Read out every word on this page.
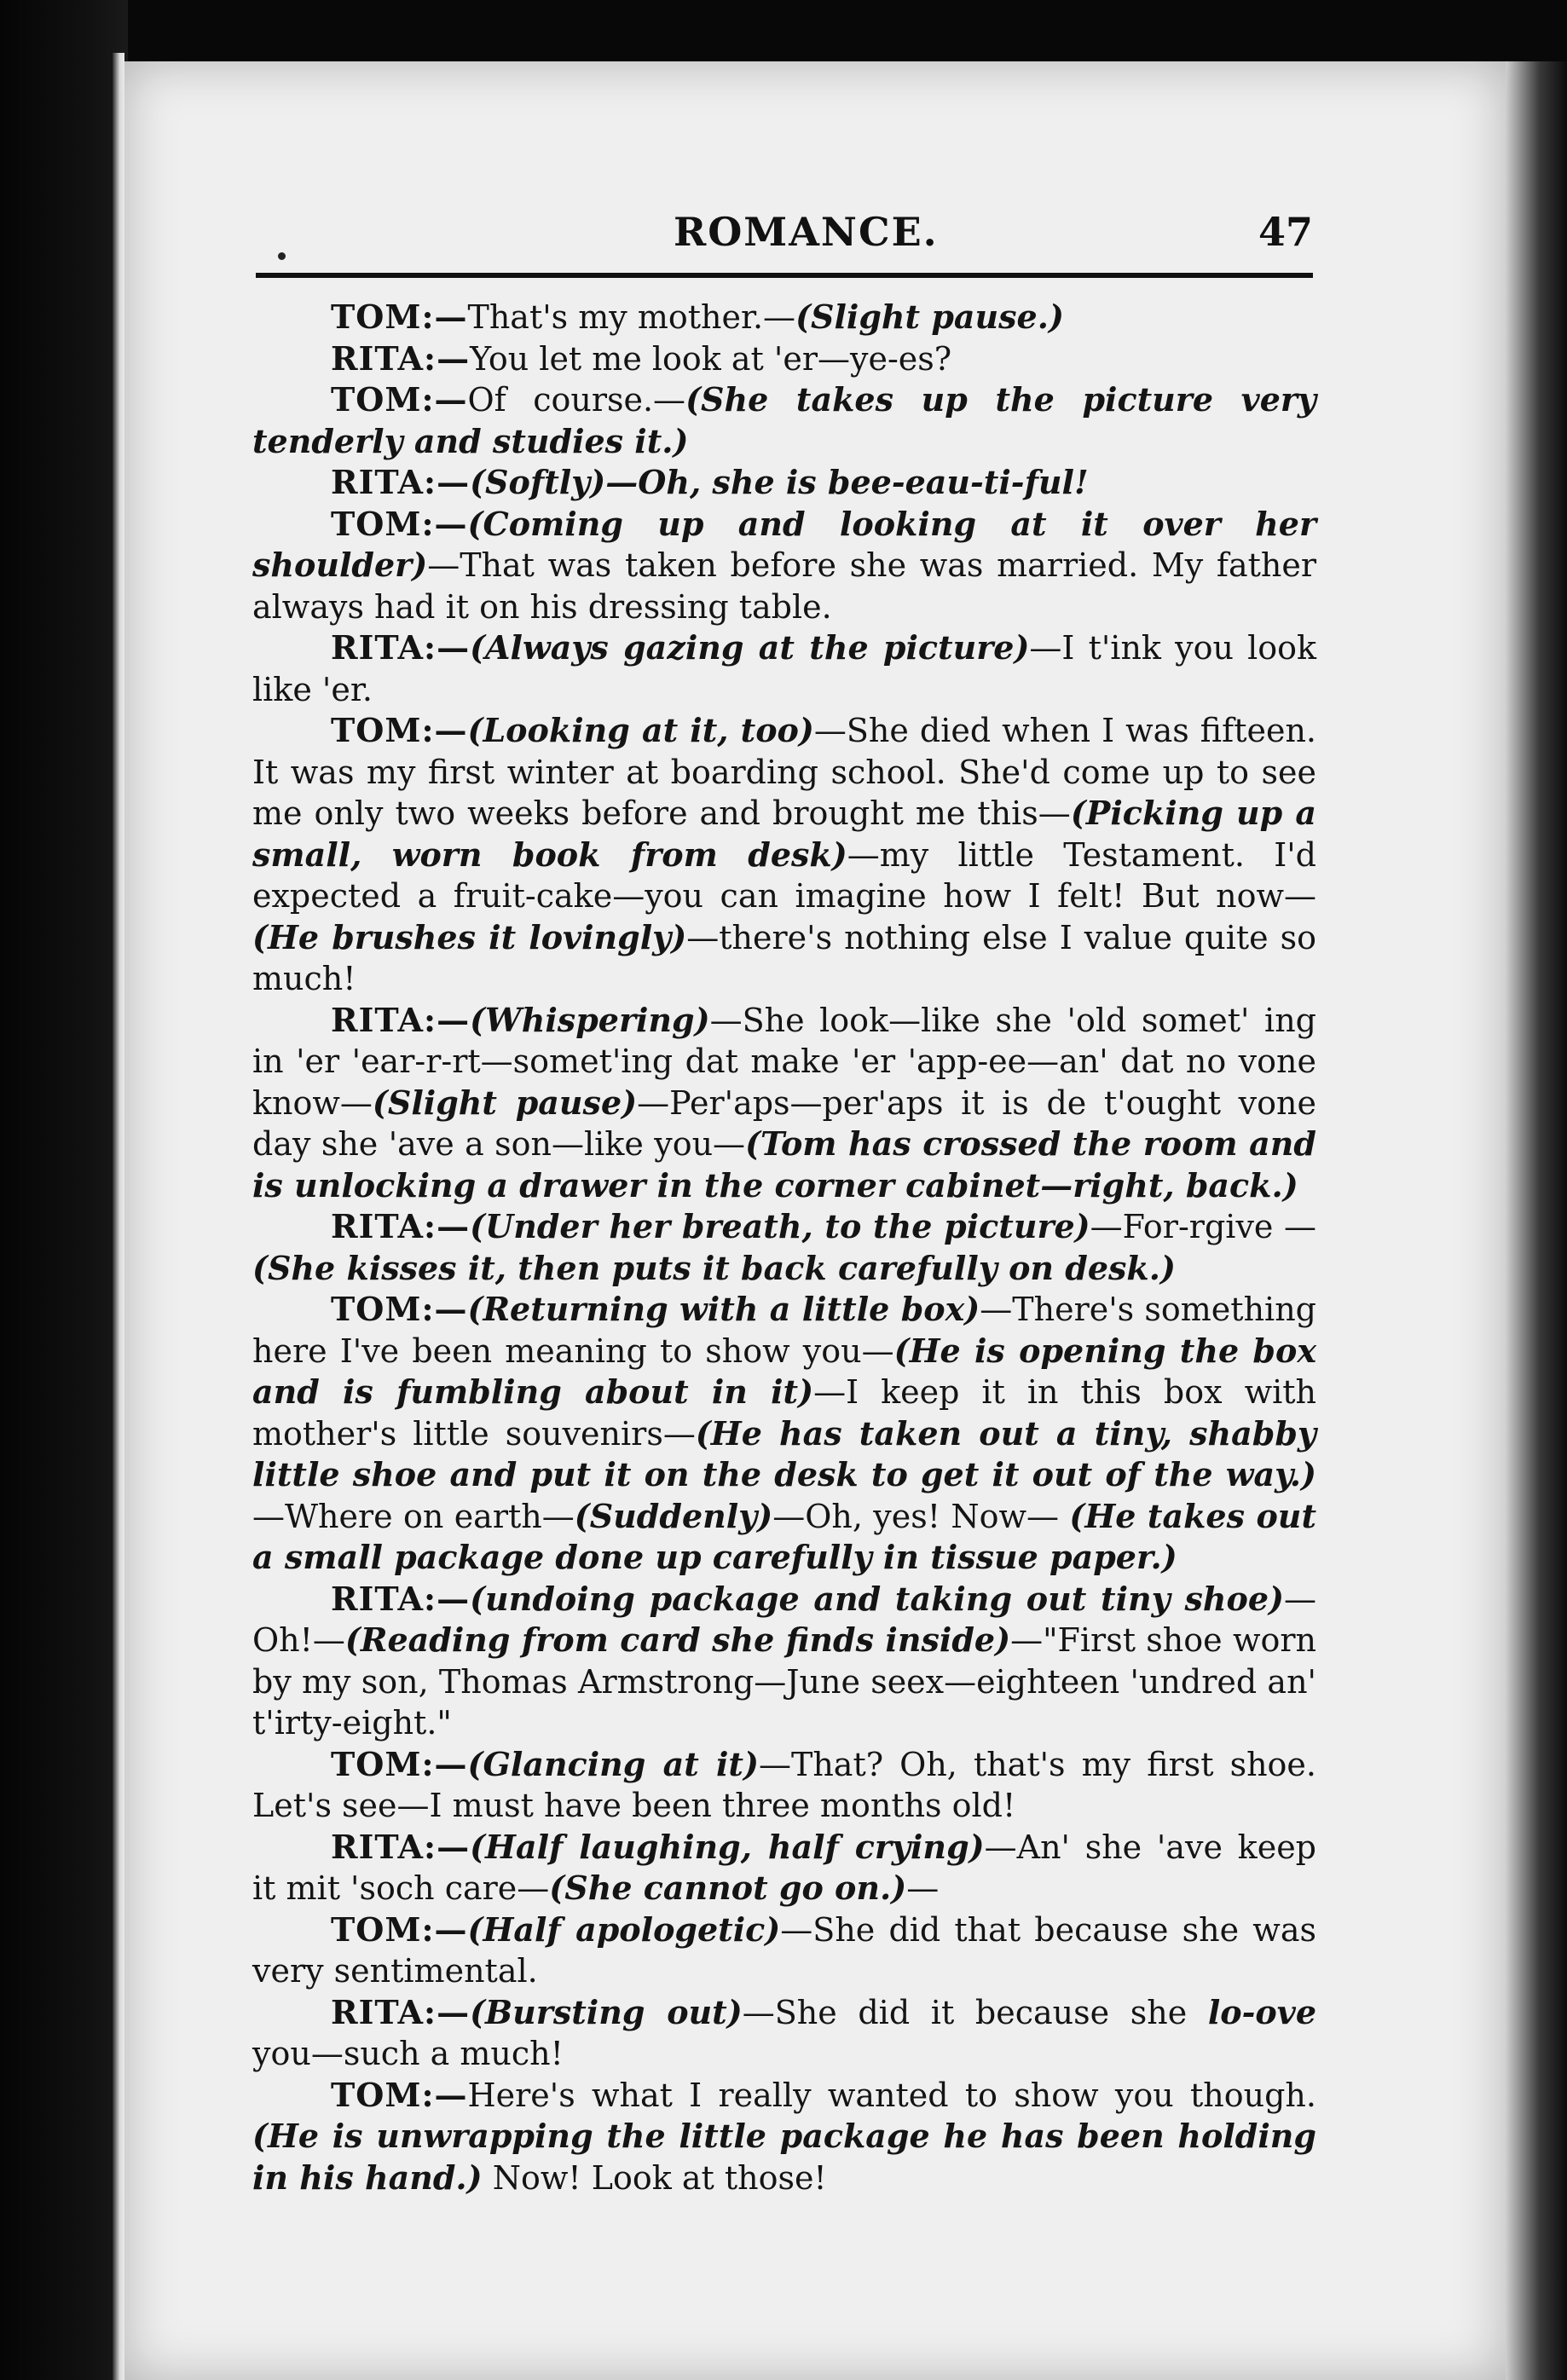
ROMANCE.	47

TOM:—That's my mother.—(Slight pause.)

RITA:—You let me look at 'er—ye-es?

TOM:—Of course.—(She takes up the picture very tenderly and studies it.)

RITA:—(Softly)—Oh, she is bee-eau-ti-ful!

TOM:—(Coming up and looking at it over her shoulder)—That was taken before she was married. My father always had it on his dressing table.

RITA:—(Always gazing at the picture)—I t'ink you look like 'er.

TOM:—(Looking at it, too)—She died when I was fifteen. It was my first winter at boarding school. She'd come up to see me only two weeks before and brought me this—(Picking up a small, worn book from desk)—my little Testament. I'd expected a fruit-cake—you can imagine how I felt! But now—(He brushes it lovingly)—there's nothing else I value quite so much!

RITA:—(Whispering)—She look—like she 'old somet' ing in 'er 'ear-r-rt—somet'ing dat make 'er 'app-ee—an' dat no vone know—(Slight pause)—Per'aps—per'aps it is de t'ought vone day she 'ave a son—like you—(Tom has crossed the room and is unlocking a drawer in the corner cabinet—right, back.)

RITA:—(Under her breath, to the picture)—For-rgive —(She kisses it, then puts it back carefully on desk.)

TOM:—(Returning with a little box)—There's something here I've been meaning to show you—(He is opening the box and is fumbling about in it)—I keep it in this box with mother's little souvenirs—(He has taken out a tiny, shabby little shoe and put it on the desk to get it out of the way.)—Where on earth—(Suddenly)—Oh, yes! Now— (He takes out a small package done up carefully in tissue paper.)

RITA:—(undoing package and taking out tiny shoe)— Oh!—(Reading from card she finds inside)—"First shoe worn by my son, Thomas Armstrong—June seex—eighteen 'undred an' t'irty-eight."

TOM:—(Glancing at it)—That? Oh, that's my first shoe. Let's see—I must have been three months old!

RITA:—(Half laughing, half crying)—An' she 'ave keep it mit 'soch care—(She cannot go on.)—

TOM:—(Half apologetic)—She did that because she was very sentimental.

RITA:—(Bursting out)—She did it because she lo-ove you—such a much!

TOM:—Here's what I really wanted to show you though. (He is unwrapping the little package he has been holding in his hand.) Now! Look at those!
